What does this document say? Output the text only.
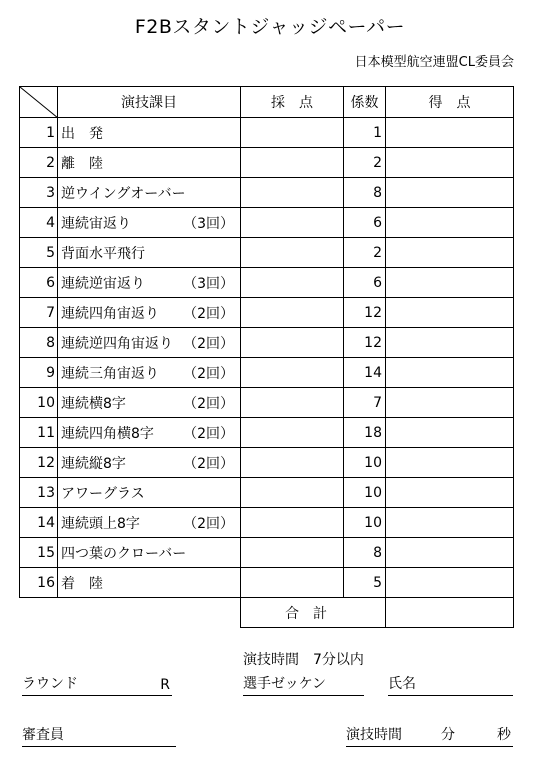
F2Bスタントジャッジペーパー
日本模型航空連盟CL委員会
	演技課目	採　点	係数	得　点
1	出　発		1	
2	離　陸		2	
3	逆ウイングオーバー		8	
4	連続宙返り （3回）		6	
5	背面水平飛行		2	
6	連続逆宙返り （3回）		6	
7	連続四角宙返り （2回）		12	
8	連続逆四角宙返り （2回）		12	
9	連続三角宙返り （2回）		14	
10	連続横8字 （2回）		7	
11	連続四角横8字 （2回）		18	
12	連続縦8字 （2回）		10	
13	アワーグラス		10	
14	連続頭上8字 （2回）		10	
15	四つ葉のクローバー		8	
16	着　陸		5	
		合計		
演技時間　7分以内
ラウンド	R	選手ゼッケン	氏名
審査員	演技時間	分	秒
